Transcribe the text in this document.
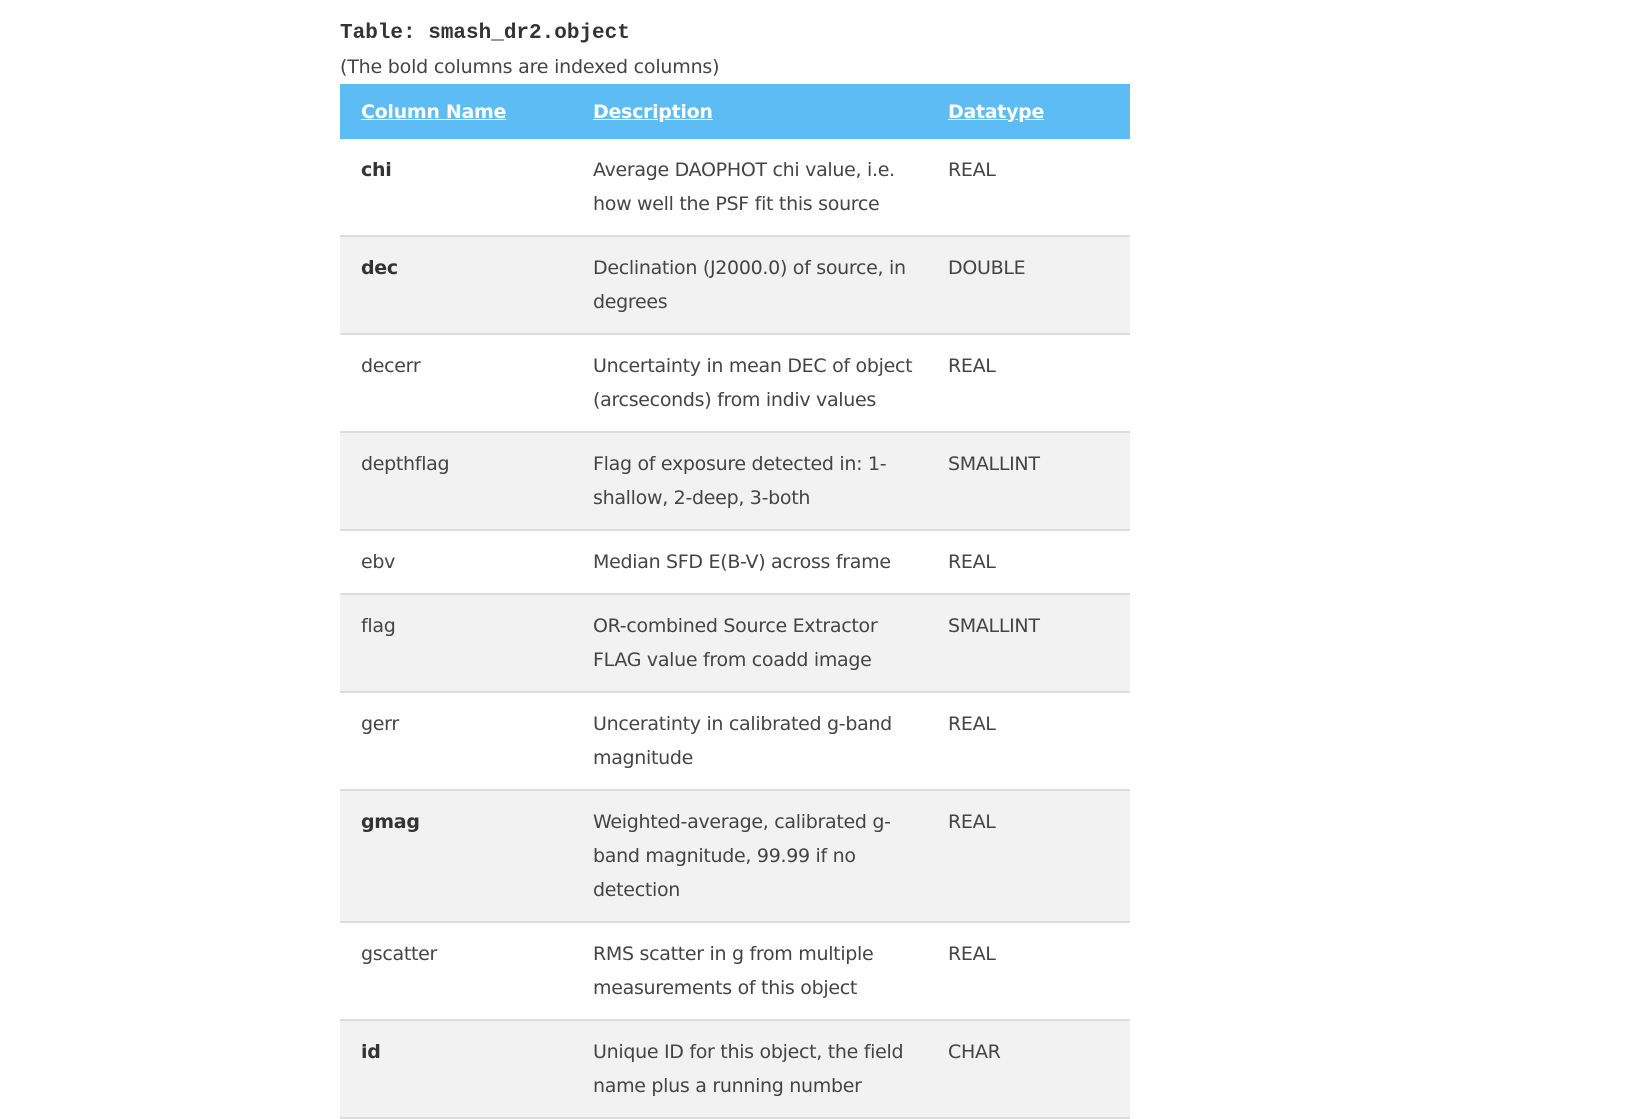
Table: smash_dr2.object
(The bold columns are indexed columns)
Column Name	Description	Datatype
chi	Average DAOPHOT chi value, i.e. how well the PSF fit this source	REAL
dec	Declination (J2000.0) of source, in degrees	DOUBLE
decerr	Uncertainty in mean DEC of object (arcseconds) from indiv values	REAL
depthflag	Flag of exposure detected in: 1-shallow, 2-deep, 3-both	SMALLINT
ebv	Median SFD E(B-V) across frame	REAL
flag	OR-combined Source Extractor FLAG value from coadd image	SMALLINT
gerr	Unceratinty in calibrated g-band magnitude	REAL
gmag	Weighted-average, calibrated g-band magnitude, 99.99 if no detection	REAL
gscatter	RMS scatter in g from multiple measurements of this object	REAL
id	Unique ID for this object, the field name plus a running number	CHAR
